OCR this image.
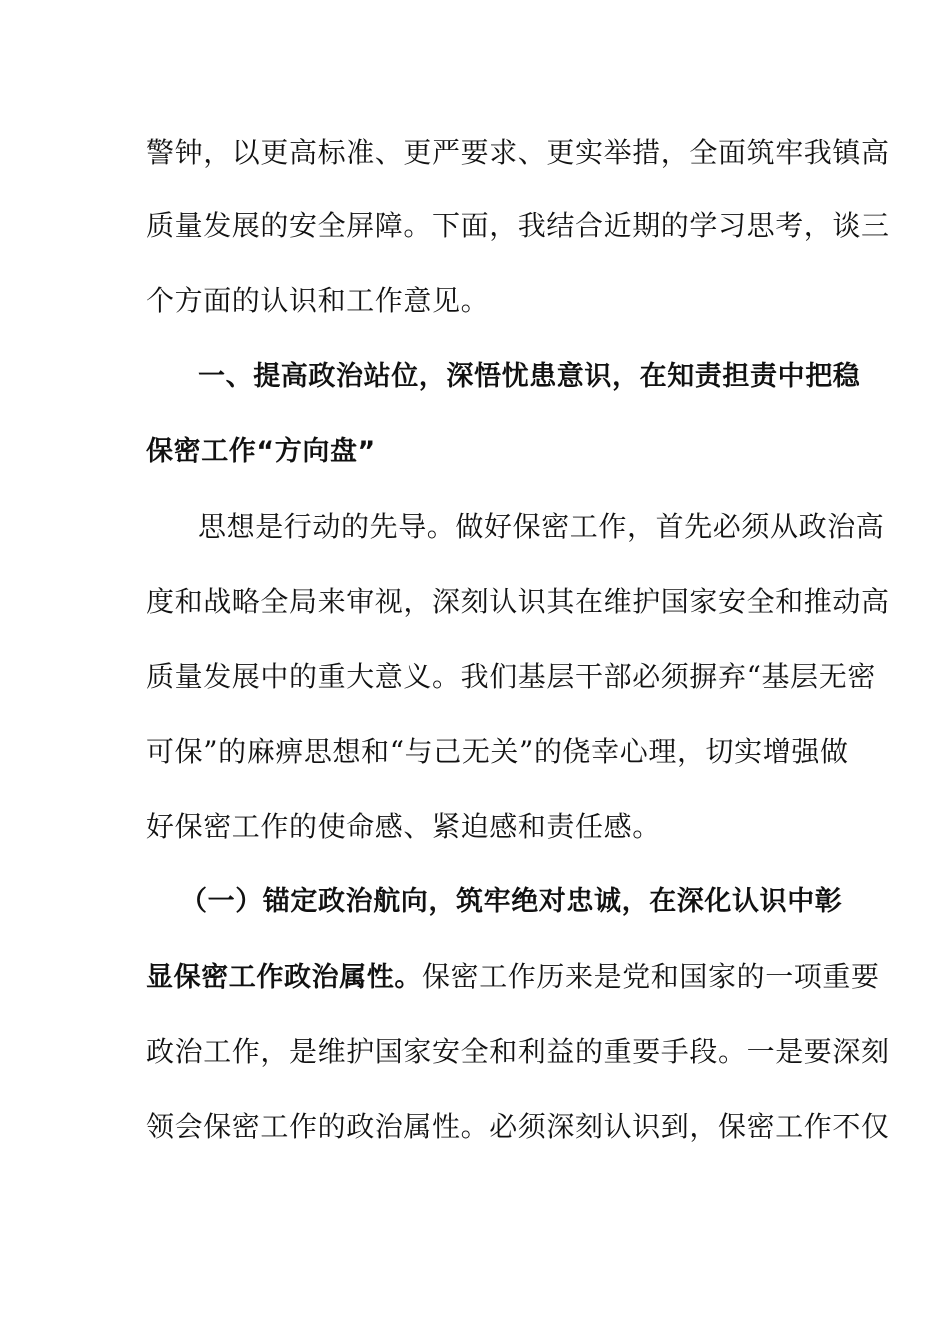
警钟，以更高标准、更严要求、更实举措，全面筑牢我镇高
质量发展的安全屏障。下面，我结合近期的学习思考，谈三
个方面的认识和工作意见。
一、提高政治站位，深悟忧患意识，在知责担责中把稳
保密工作“方向盘”
思想是行动的先导。做好保密工作，首先必须从政治高
度和战略全局来审视，深刻认识其在维护国家安全和推动高
质量发展中的重大意义。我们基层干部必须摒弃“基层无密
可保”的麻痹思想和“与己无关”的侥幸心理，切实增强做
好保密工作的使命感、紧迫感和责任感。
（一）锚定政治航向，筑牢绝对忠诚，在深化认识中彰
显保密工作政治属性。保密工作历来是党和国家的一项重要
政治工作，是维护国家安全和利益的重要手段。一是要深刻
领会保密工作的政治属性。必须深刻认识到，保密工作不仅
